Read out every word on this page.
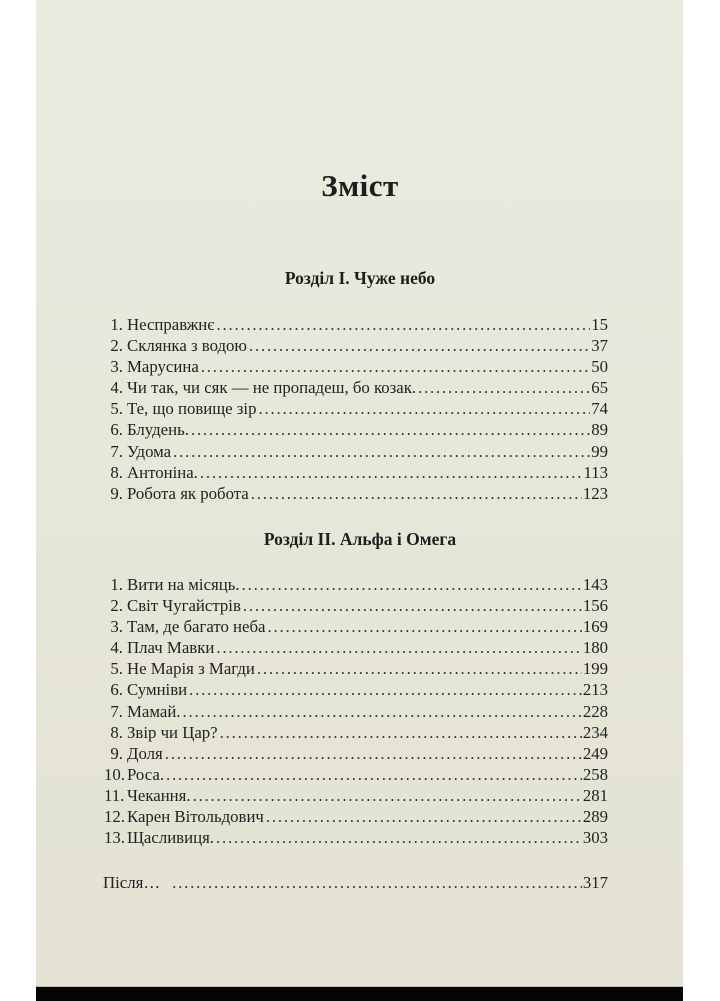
Зміст
Розділ І. Чуже небо
1. Несправжнє . . .	15
2. Склянка з водою . . .	37
3. Марусина . . .	50
4. Чи так, чи сяк — не пропадеш, бо козак. . . .	65
5. Те, що повище зір . . .	74
6. Блудень. . . .	89
7. Удома . . .	99
8. Антоніна. . . .	113
9. Робота як робота . . .	123
Розділ ІІ. Альфа і Омега
1. Вити на місяць. . . .	143
2. Світ Чугайстрів . . .	156
3. Там, де багато неба . . .	169
4. Плач Мавки . . .	180
5. Не Марія з Магди . . .	199
6. Сумніви . . .	213
7. Мамай. . . .	228
8. Звір чи Цар? . . .	234
9. Доля . . .	249
10. Роса. . . .	258
11. Чекання. . . .	281
12. Карен Вітольдович . . .	289
13. Щасливиця. . . .	303
Після… . . .	317
